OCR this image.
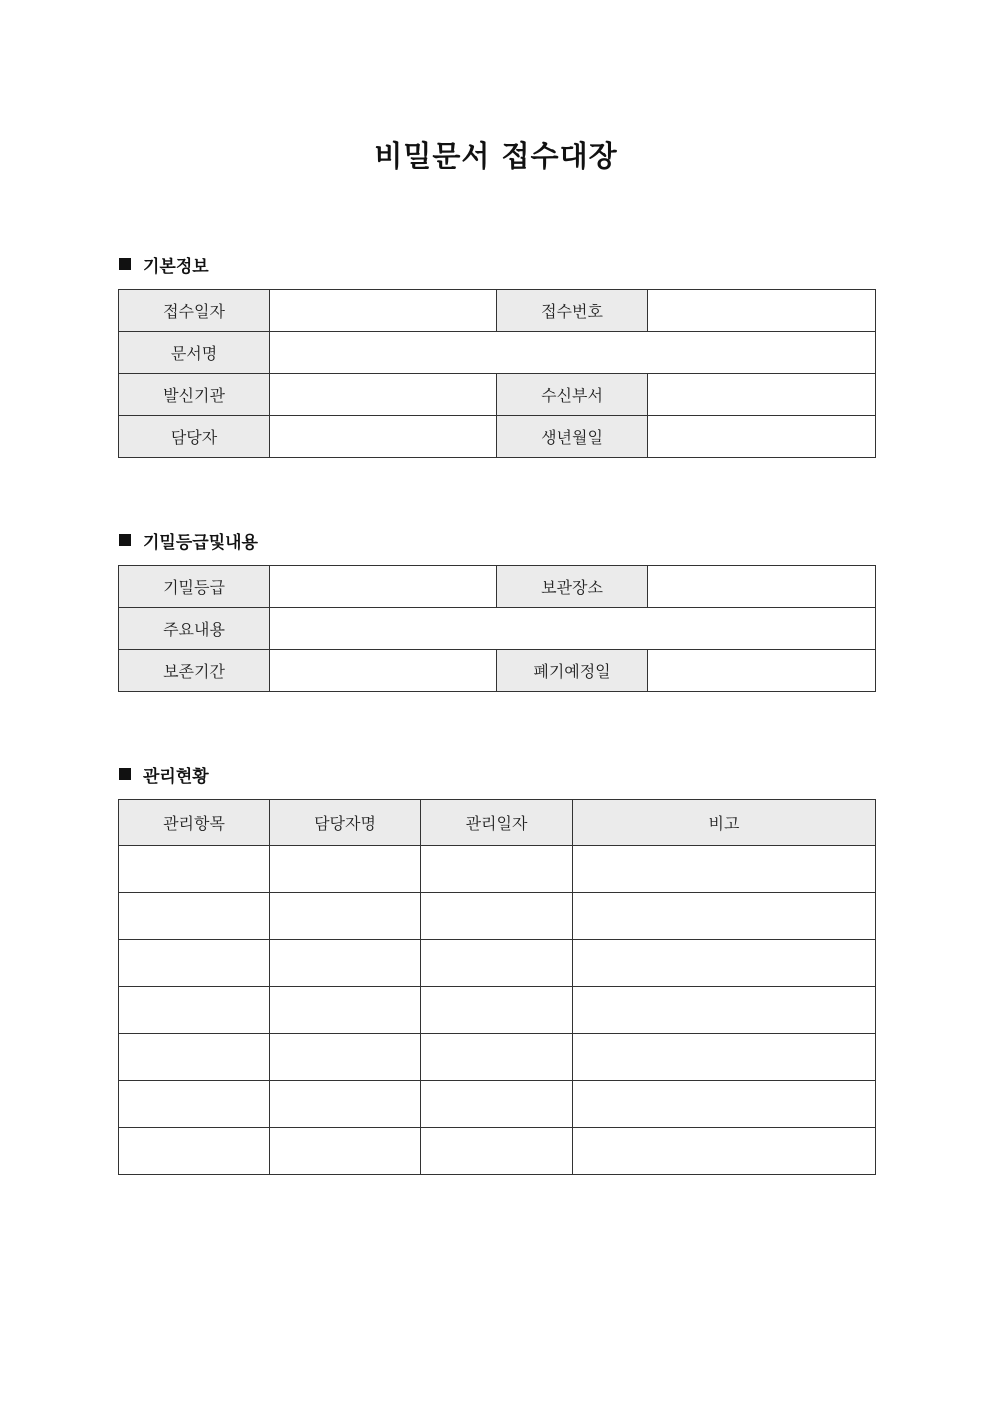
비밀문서 접수대장
기본정보
접수일자		접수번호	
문서명			
발신기관		수신부서	
담당자		생년월일	
기밀등급및내용
기밀등급		보관장소	
주요내용			
보존기간		폐기예정일	
관리현황
관리항목	담당자명	관리일자	비고
